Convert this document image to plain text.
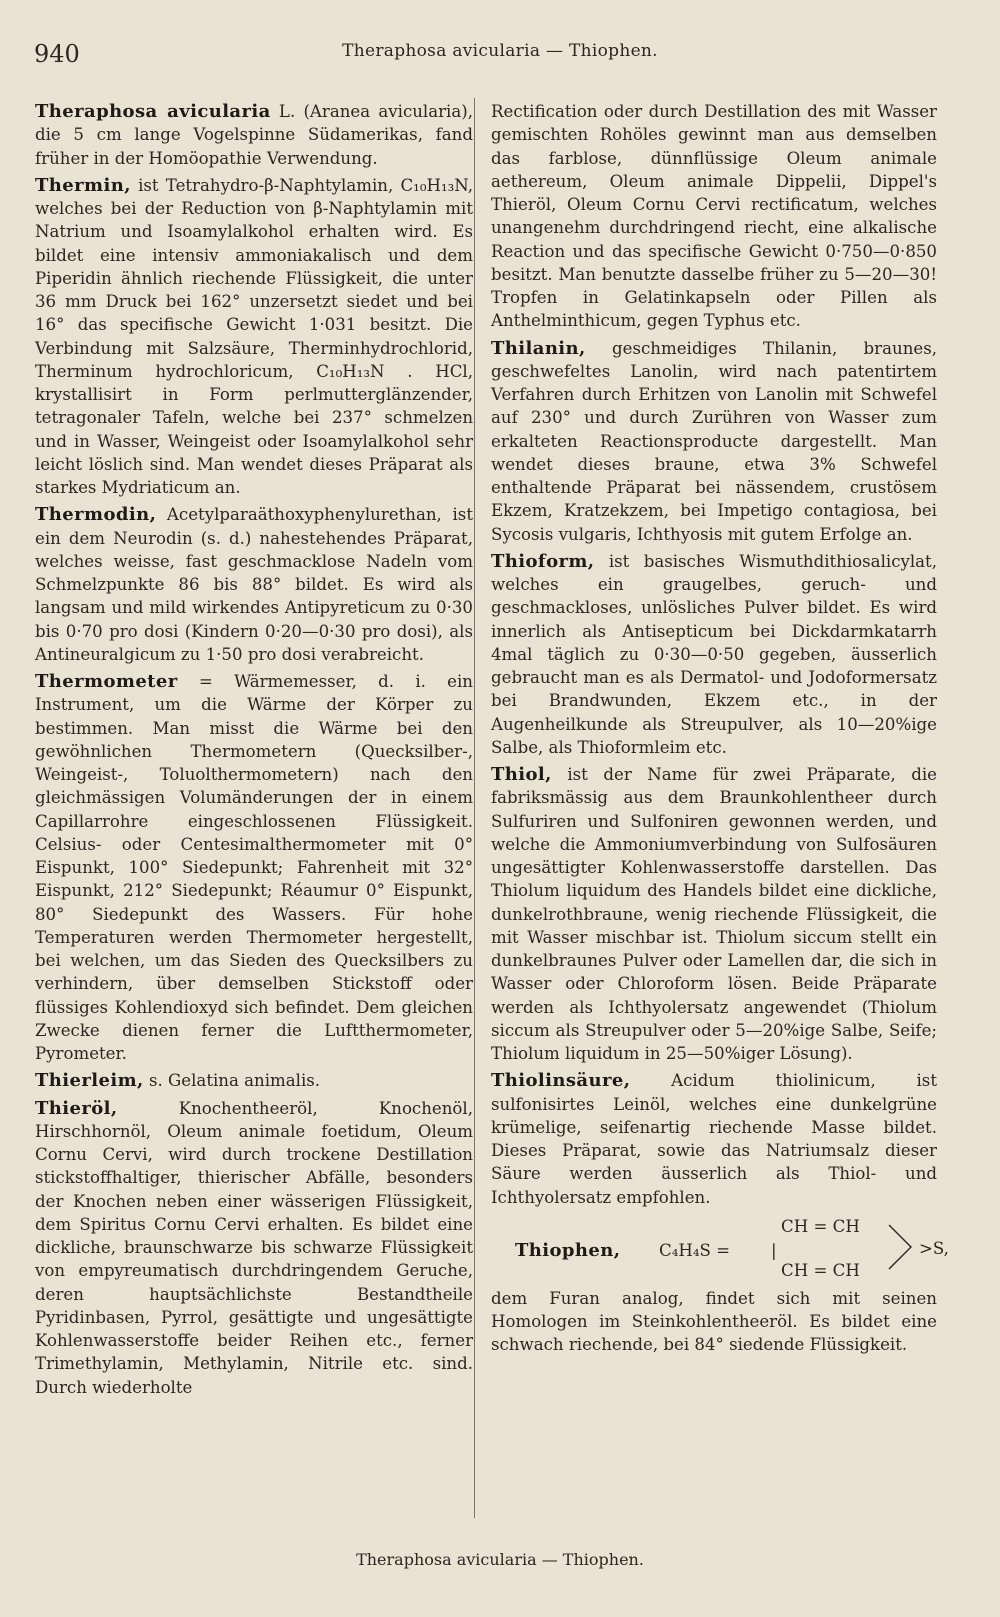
940	Theraphosa avicularia — Thiophen.

Theraphosa avicularia L. (Aranea avicularia), die 5 cm lange Vogelspinne Südamerikas, fand früher in der Homöopathie Verwendung.

Thermin, ist Tetrahydro-β-Naphtylamin, C₁₀H₁₃N, welches bei der Reduction von β-Naphtylamin mit Natrium und Isoamylalkohol erhalten wird. Es bildet eine intensiv ammoniakalisch und dem Piperidin ähnlich riechende Flüssigkeit, die unter 36 mm Druck bei 162° unzersetzt siedet und bei 16° das specifische Gewicht 1·031 besitzt. Die Verbindung mit Salzsäure, Therminhydrochlorid, Therminum hydrochloricum, C₁₀H₁₃N . HCl, krystallisirt in Form perlmutterglänzender, tetragonaler Tafeln, welche bei 237° schmelzen und in Wasser, Weingeist oder Isoamylalkohol sehr leicht löslich sind. Man wendet dieses Präparat als starkes Mydriaticum an.

Thermodin, Acetylparaäthoxyphenylurethan, ist ein dem Neurodin (s. d.) nahestehendes Präparat, welches weisse, fast geschmacklose Nadeln vom Schmelzpunkte 86 bis 88° bildet. Es wird als langsam und mild wirkendes Antipyreticum zu 0·30 bis 0·70 pro dosi (Kindern 0·20—0·30 pro dosi), als Antineuralgicum zu 1·50 pro dosi verabreicht.

Thermometer = Wärmemesser, d. i. ein Instrument, um die Wärme der Körper zu bestimmen. Man misst die Wärme bei den gewöhnlichen Thermometern (Quecksilber-, Weingeist-, Toluolthermometern) nach den gleichmässigen Volumänderungen der in einem Capillarrohre eingeschlossenen Flüssigkeit. Celsius- oder Centesimalthermometer mit 0° Eispunkt, 100° Siedepunkt; Fahrenheit mit 32° Eispunkt, 212° Siedepunkt; Réaumur 0° Eispunkt, 80° Siedepunkt des Wassers. Für hohe Temperaturen werden Thermometer hergestellt, bei welchen, um das Sieden des Quecksilbers zu verhindern, über demselben Stickstoff oder flüssiges Kohlendioxyd sich befindet. Dem gleichen Zwecke dienen ferner die Luftthermometer, Pyrometer.

Thierleim, s. Gelatina animalis.

Thieröl, Knochentheeröl, Knochenöl, Hirschhornöl, Oleum animale foetidum, Oleum Cornu Cervi, wird durch trockene Destillation stickstoffhaltiger, thierischer Abfälle, besonders der Knochen neben einer wässerigen Flüssigkeit, dem Spiritus Cornu Cervi erhalten. Es bildet eine dickliche, braunschwarze bis schwarze Flüssigkeit von empyreumatisch durchdringendem Geruche, deren hauptsächlichste Bestandtheile Pyridinbasen, Pyrrol, gesättigte und ungesättigte Kohlenwasserstoffe beider Reihen etc., ferner Trimethylamin, Methylamin, Nitrile etc. sind. Durch wiederholte

Rectification oder durch Destillation des mit Wasser gemischten Rohöles gewinnt man aus demselben das farblose, dünnflüssige Oleum animale aethereum, Oleum animale Dippelii, Dippel's Thieröl, Oleum Cornu Cervi rectificatum, welches unangenehm durchdringend riecht, eine alkalische Reaction und das specifische Gewicht 0·750—0·850 besitzt. Man benutzte dasselbe früher zu 5—20—30! Tropfen in Gelatinkapseln oder Pillen als Anthelminthicum, gegen Typhus etc.

Thilanin, geschmeidiges Thilanin, braunes, geschwefeltes Lanolin, wird nach patentirtem Verfahren durch Erhitzen von Lanolin mit Schwefel auf 230° und durch Zurühren von Wasser zum erkalteten Reactionsproducte dargestellt. Man wendet dieses braune, etwa 3% Schwefel enthaltende Präparat bei nässendem, crustösem Ekzem, Kratzekzem, bei Impetigo contagiosa, bei Sycosis vulgaris, Ichthyosis mit gutem Erfolge an.

Thioform, ist basisches Wismuthdithiosalicylat, welches ein graugelbes, geruch- und geschmackloses, unlösliches Pulver bildet. Es wird innerlich als Antisepticum bei Dickdarmkatarrh 4mal täglich zu 0·30—0·50 gegeben, äusserlich gebraucht man es als Dermatol- und Jodoformersatz bei Brandwunden, Ekzem etc., in der Augenheilkunde als Streupulver, als 10—20%ige Salbe, als Thioformleim etc.

Thiol, ist der Name für zwei Präparate, die fabriksmässig aus dem Braunkohlentheer durch Sulfuriren und Sulfoniren gewonnen werden, und welche die Ammoniumverbindung von Sulfosäuren ungesättigter Kohlenwasserstoffe darstellen. Das Thiolum liquidum des Handels bildet eine dickliche, dunkelrothbraune, wenig riechende Flüssigkeit, die mit Wasser mischbar ist. Thiolum siccum stellt ein dunkelbraunes Pulver oder Lamellen dar, die sich in Wasser oder Chloroform lösen. Beide Präparate werden als Ichthyolersatz angewendet (Thiolum siccum als Streupulver oder 5—20%ige Salbe, Seife; Thiolum liquidum in 25—50%iger Lösung).

Thiolinsäure, Acidum thiolinicum, ist sulfonisirtes Leinöl, welches eine dunkelgrüne krümelige, seifenartig riechende Masse bildet. Dieses Präparat, sowie das Natriumsalz dieser Säure werden äusserlich als Thiol- und Ichthyolersatz empfohlen.

Thiophen, C₄H₄S = |
CH = CH
CH = CH
>S,

dem Furan analog, findet sich mit seinen Homologen im Steinkohlentheeröl. Es bildet eine schwach riechende, bei 84° siedende Flüssigkeit.

Theraphosa avicularia — Thiophen.
